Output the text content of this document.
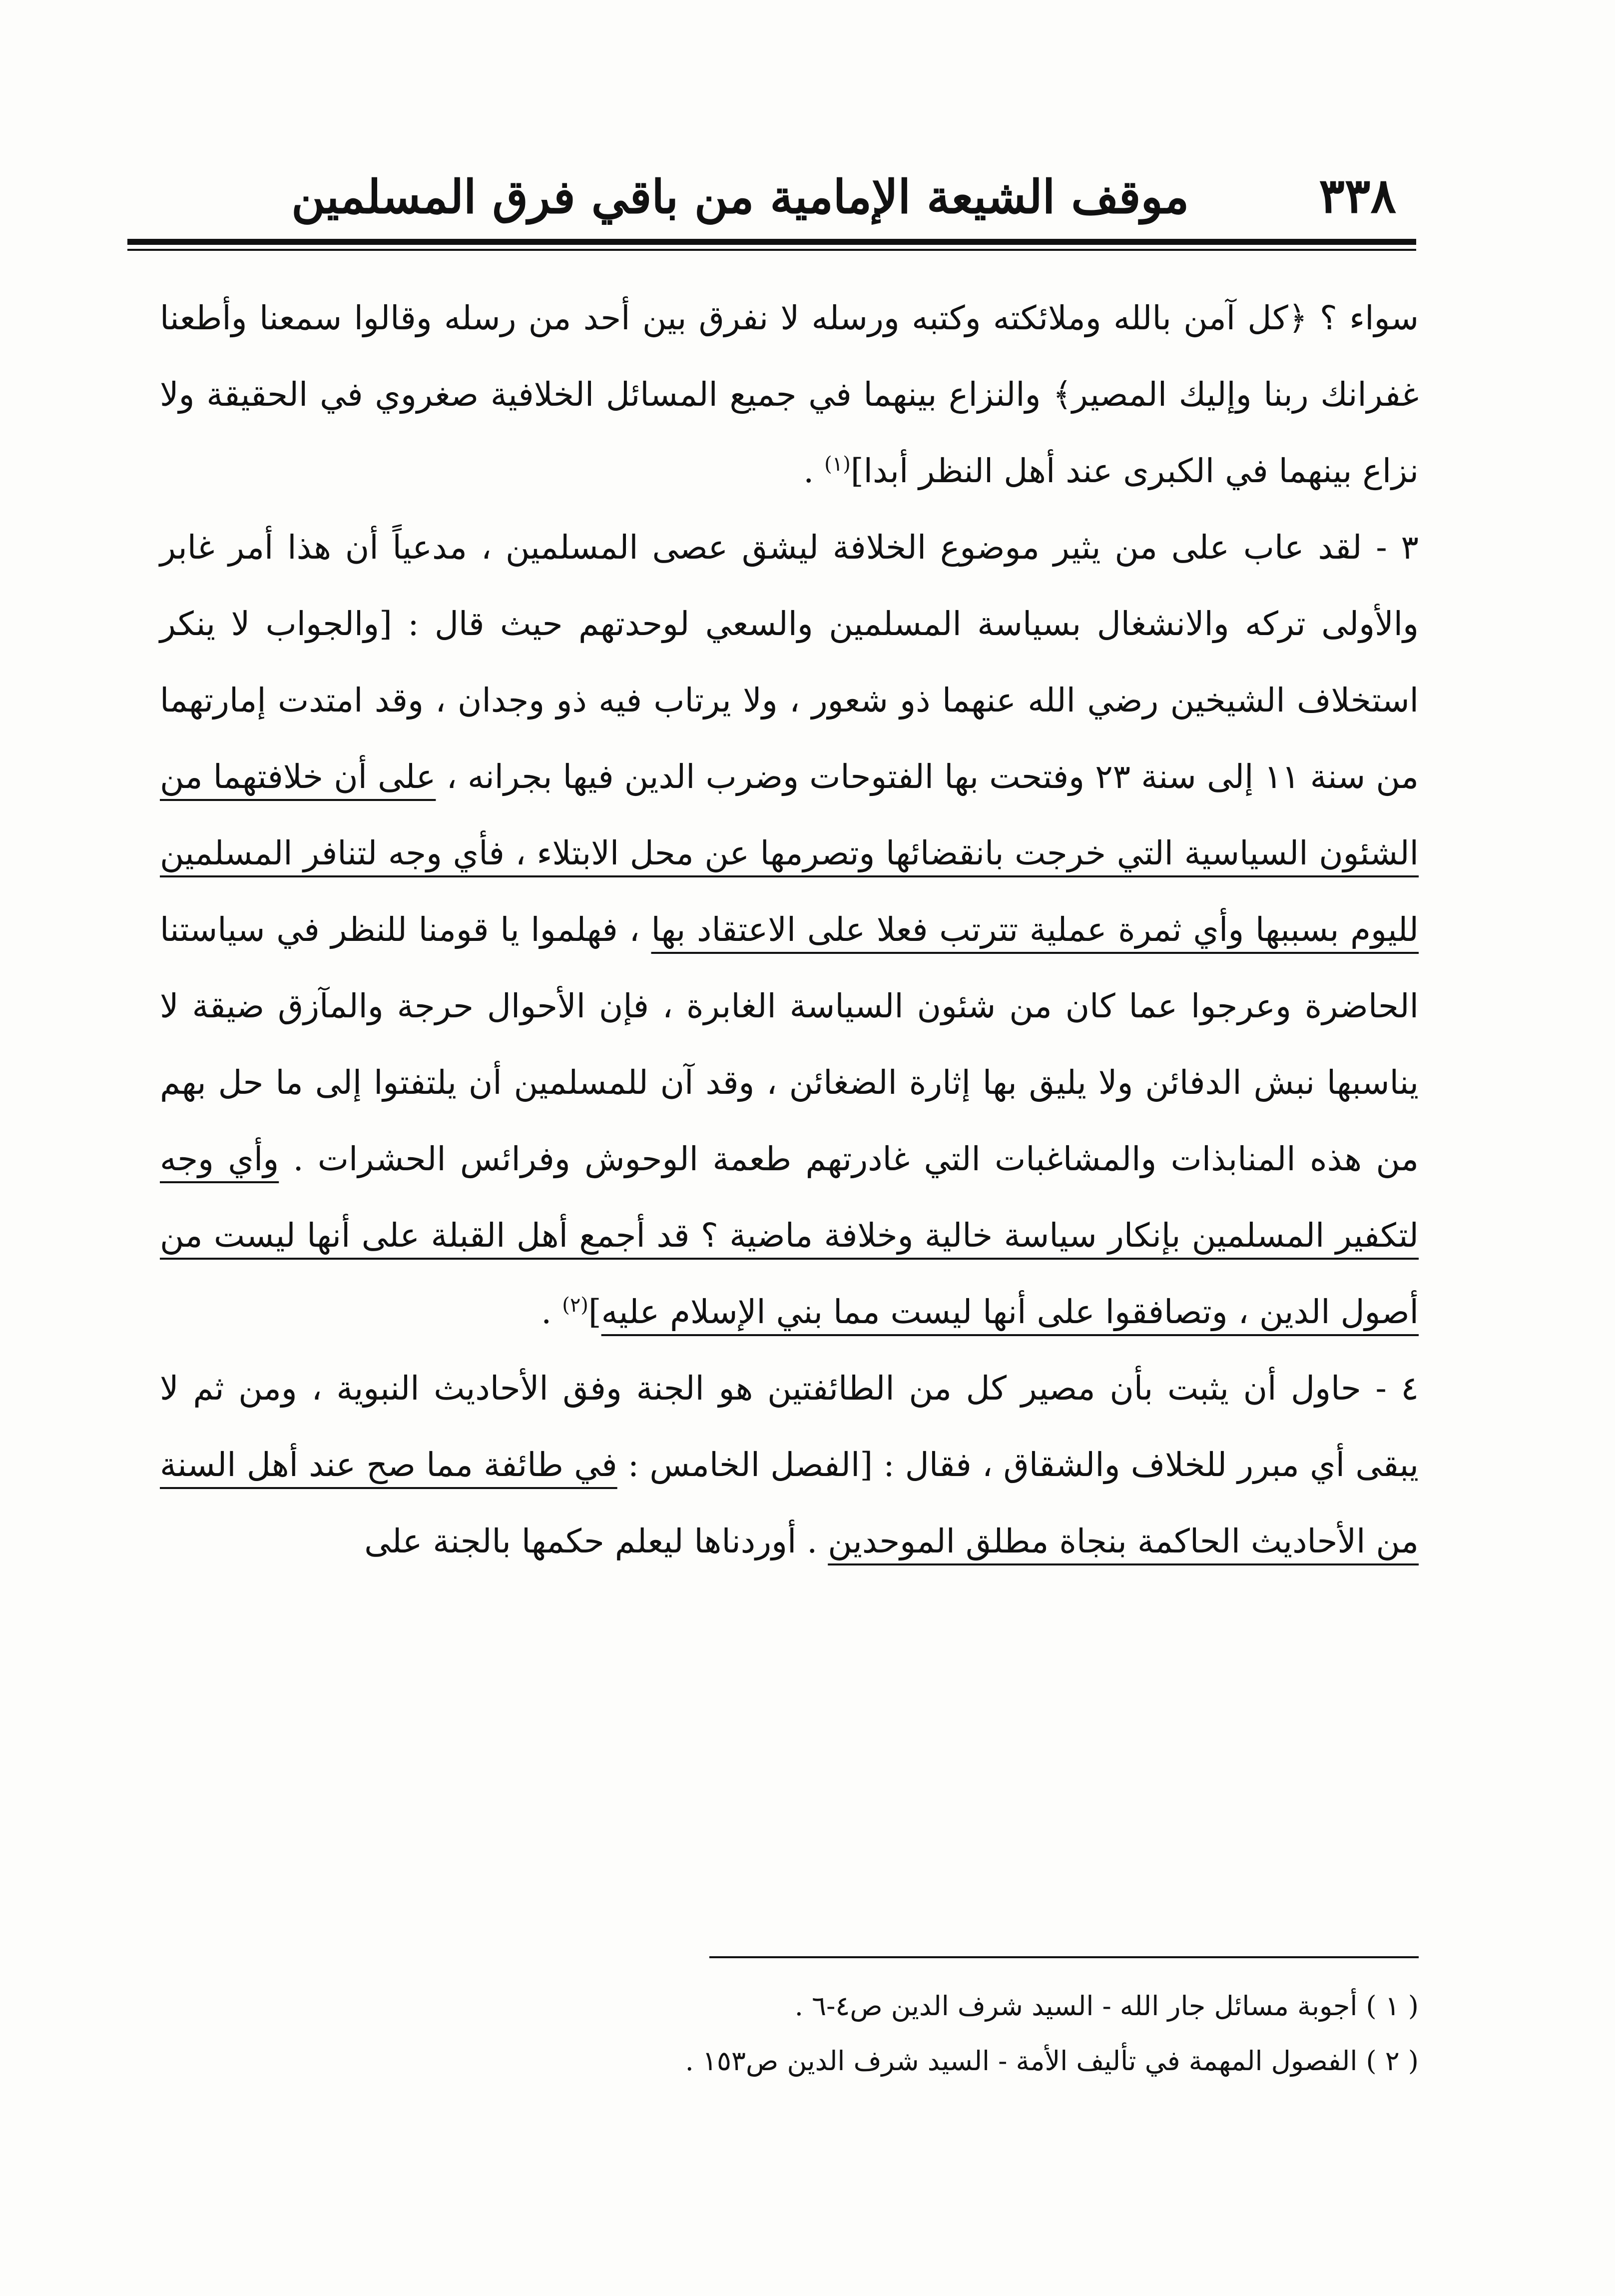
٣٣٨
موقف الشيعة الإمامية من باقي فرق المسلمين

سواء ؟ ﴿كل آمن بالله وملائكته وكتبه ورسله لا نفرق بين أحد من رسله وقالوا سمعنا وأطعنا غفرانك ربنا وإليك المصير﴾ والنزاع بينهما في جميع المسائل الخلافية صغروي في الحقيقة ولا نزاع بينهما في الكبرى عند أهل النظر أبدا]$^{(١)}$ .

٣ - لقد عاب على من يثير موضوع الخلافة ليشق عصى المسلمين ، مدعياً أن هذا أمر غابر والأولى تركه والانشغال بسياسة المسلمين والسعي لوحدتهم حيث قال : [والجواب لا ينكر استخلاف الشيخين رضي الله عنهما ذو شعور ، ولا يرتاب فيه ذو وجدان ، وقد امتدت إمارتهما من سنة ١١ إلى سنة ٢٣ وفتحت بها الفتوحات وضرب الدين فيها بجرانه ، على أن خلافتهما من الشئون السياسية التي خرجت بانقضائها وتصرمها عن محل الابتلاء ، فأي وجه لتنافر المسلمين لليوم بسببها وأي ثمرة عملية تترتب فعلا على الاعتقاد بها ، فهلموا يا قومنا للنظر في سياستنا الحاضرة وعرجوا عما كان من شئون السياسة الغابرة ، فإن الأحوال حرجة والمآزق ضيقة لا يناسبها نبش الدفائن ولا يليق بها إثارة الضغائن ، وقد آن للمسلمين أن يلتفتوا إلى ما حل بهم من هذه المنابذات والمشاغبات التي غادرتهم طعمة الوحوش وفرائس الحشرات . وأي وجه لتكفير المسلمين بإنكار سياسة خالية وخلافة ماضية ؟ قد أجمع أهل القبلة على أنها ليست من أصول الدين ، وتصافقوا على أنها ليست مما بني الإسلام عليه]$^{(٢)}$ .

٤ - حاول أن يثبت بأن مصير كل من الطائفتين هو الجنة وفق الأحاديث النبوية ، ومن ثم لا يبقى أي مبرر للخلاف والشقاق ، فقال : [الفصل الخامس : في طائفة مما صح عند أهل السنة من الأحاديث الحاكمة بنجاة مطلق الموحدين . أوردناها ليعلم حكمها بالجنة على

( ١ ) أجوبة مسائل جار الله - السيد شرف الدين ص٤-٦ .

( ٢ ) الفصول المهمة في تأليف الأمة - السيد شرف الدين ص١٥٣ .
